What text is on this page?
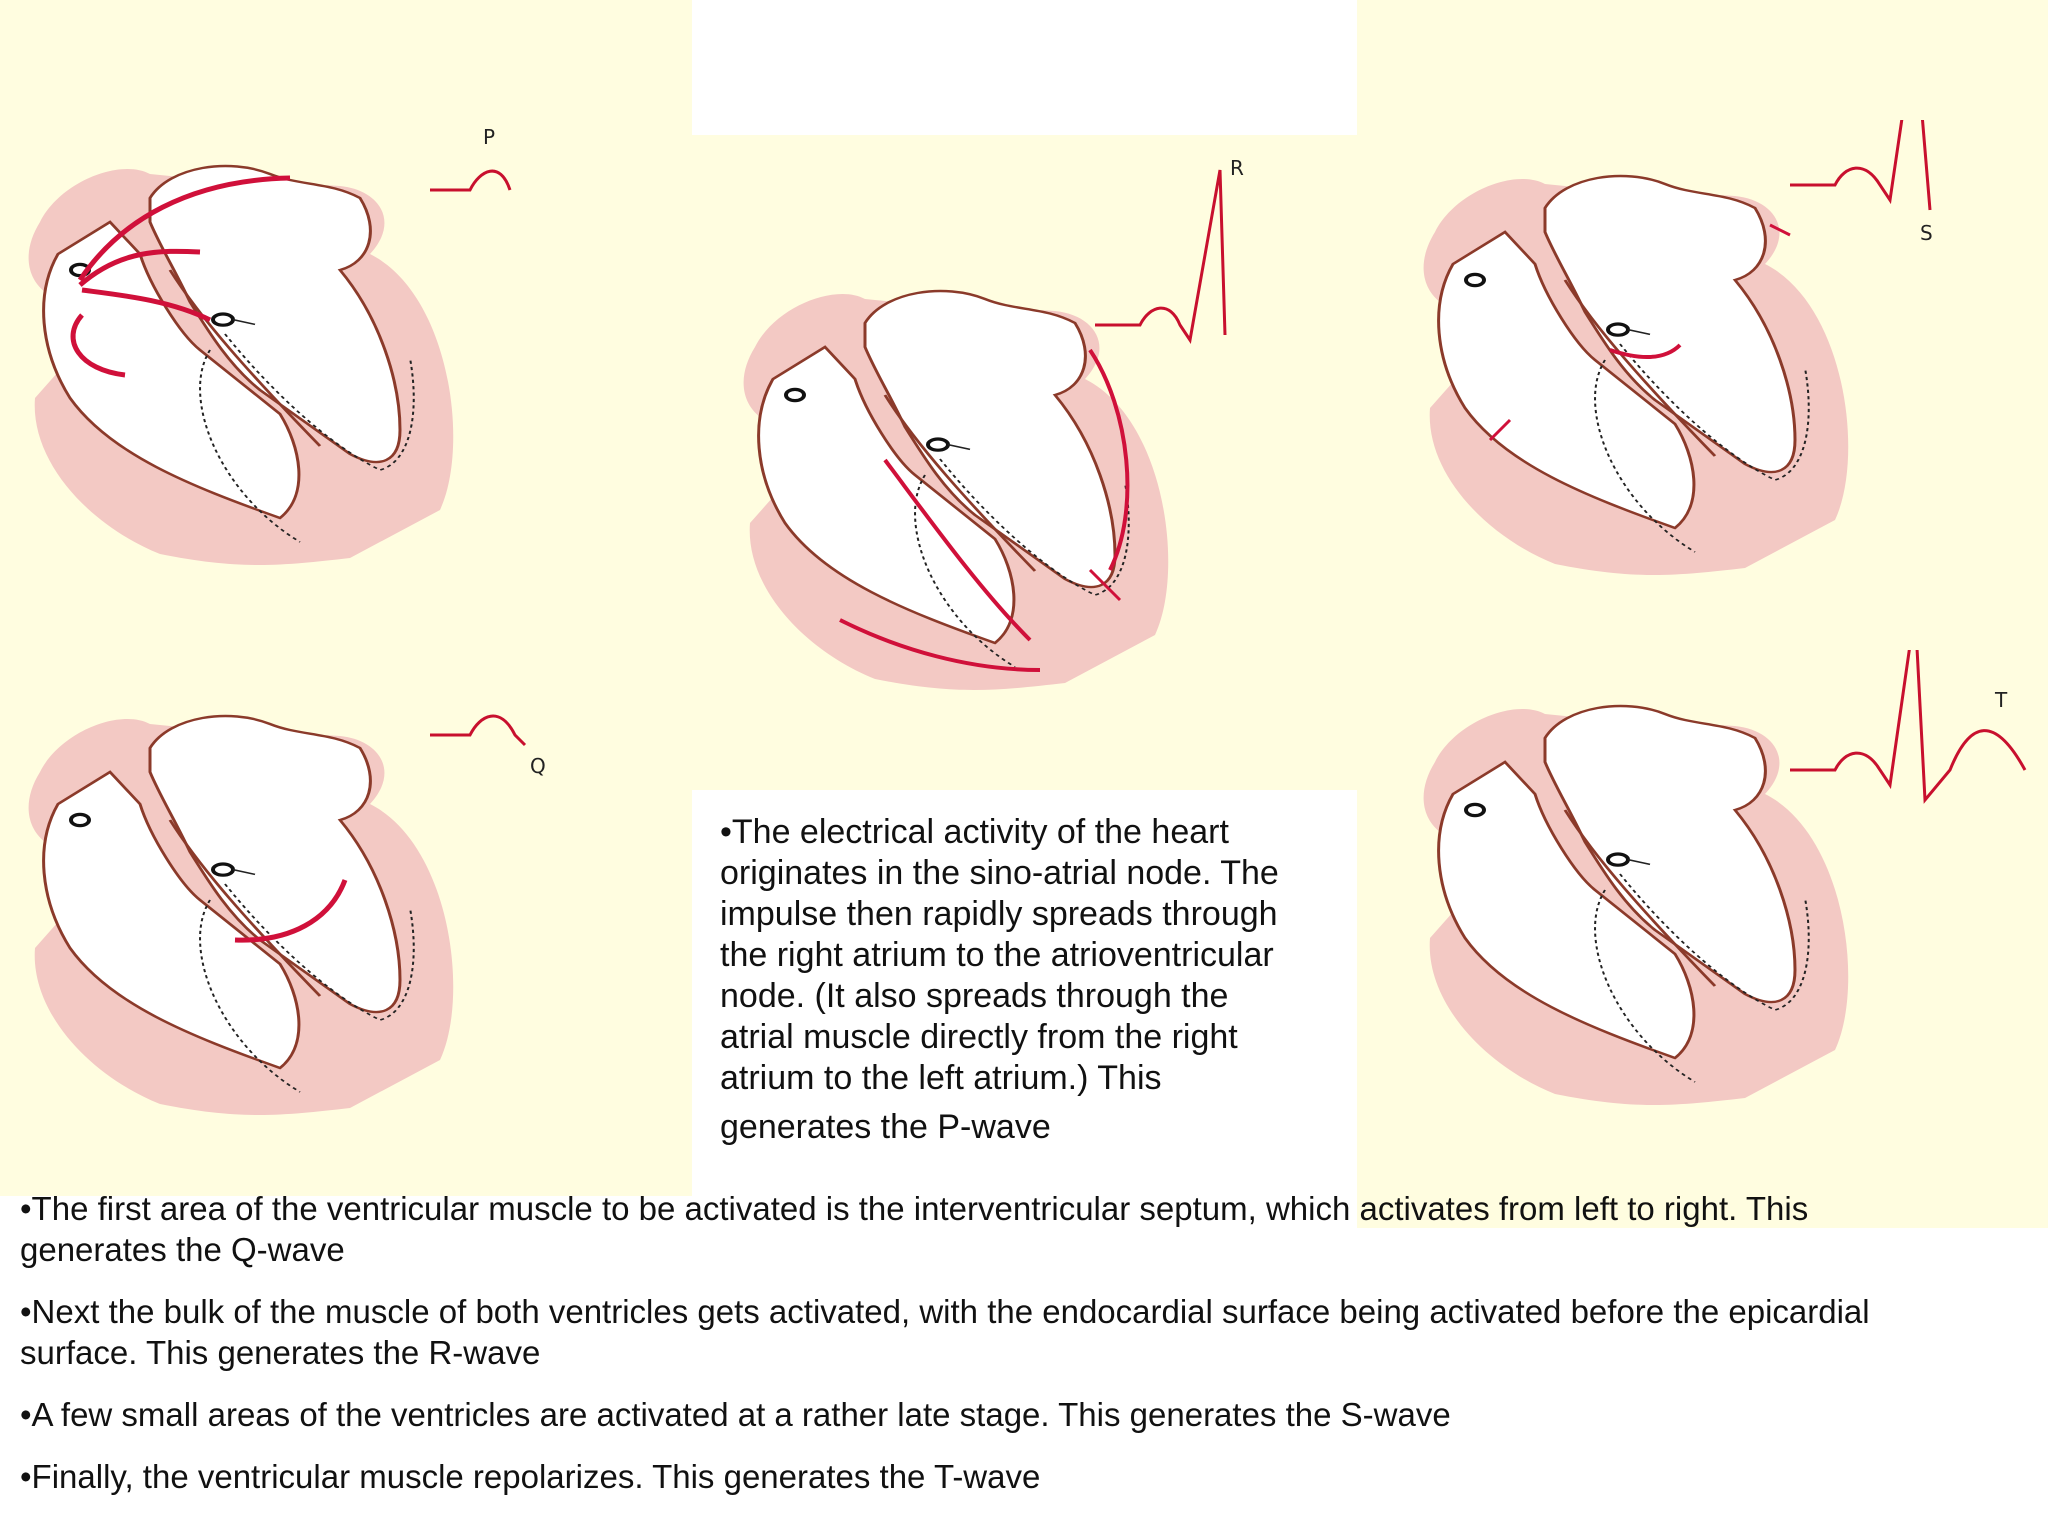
P
Q
R
S
T

•The electrical activity of the heart

originates in the sino-atrial node. The

impulse then rapidly spreads through

the right atrium to the atrioventricular

node. (It also spreads through the

atrial muscle directly from the right

atrium to the left atrium.) This

generates the P-wave

•The first area of the ventricular muscle to be activated is the interventricular septum, which activates from left to right. This
generates the Q-wave

•Next the bulk of the muscle of both ventricles gets activated, with the endocardial surface being activated before the epicardial
surface. This generates the R-wave

•A few small areas of the ventricles are activated at a rather late stage. This generates the S-wave

•Finally, the ventricular muscle repolarizes. This generates the T-wave
